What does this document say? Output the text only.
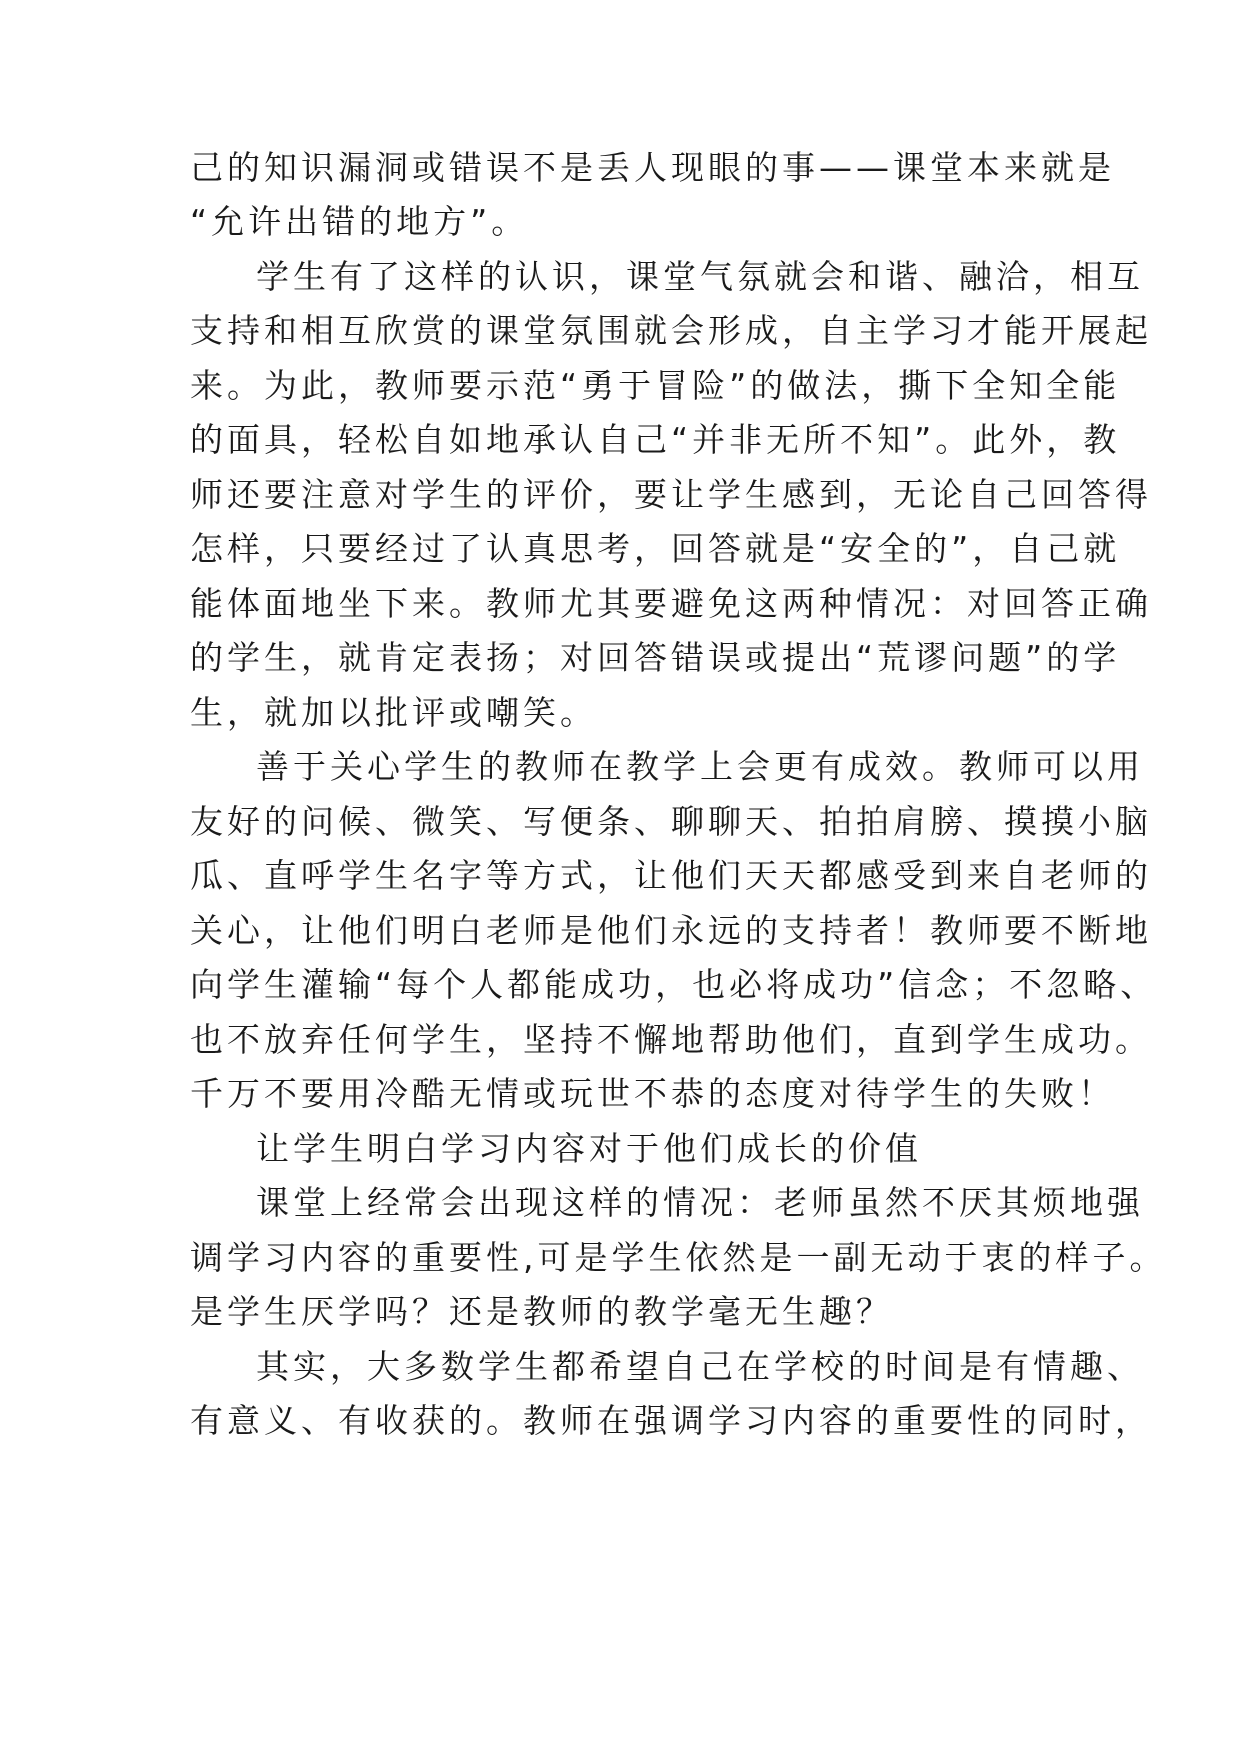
己的知识漏洞或错误不是丢人现眼的事——课堂本来就是
“允许出错的地方”。
学生有了这样的认识，课堂气氛就会和谐、融洽，相互
支持和相互欣赏的课堂氛围就会形成，自主学习才能开展起
来。为此，教师要示范“勇于冒险”的做法，撕下全知全能
的面具，轻松自如地承认自己“并非无所不知”。此外，教
师还要注意对学生的评价，要让学生感到，无论自己回答得
怎样，只要经过了认真思考，回答就是“安全的”，自己就
能体面地坐下来。教师尤其要避免这两种情况：对回答正确
的学生，就肯定表扬；对回答错误或提出“荒谬问题”的学
生，就加以批评或嘲笑。
善于关心学生的教师在教学上会更有成效。教师可以用
友好的问候、微笑、写便条、聊聊天、拍拍肩膀、摸摸小脑
瓜、直呼学生名字等方式，让他们天天都感受到来自老师的
关心，让他们明白老师是他们永远的支持者！教师要不断地
向学生灌输“每个人都能成功，也必将成功”信念；不忽略、
也不放弃任何学生，坚持不懈地帮助他们，直到学生成功。
千万不要用冷酷无情或玩世不恭的态度对待学生的失败！
让学生明白学习内容对于他们成长的价值
课堂上经常会出现这样的情况：老师虽然不厌其烦地强
调学习内容的重要性,可是学生依然是一副无动于衷的样子。
是学生厌学吗？还是教师的教学毫无生趣？
其实，大多数学生都希望自己在学校的时间是有情趣、
有意义、有收获的。教师在强调学习内容的重要性的同时，
